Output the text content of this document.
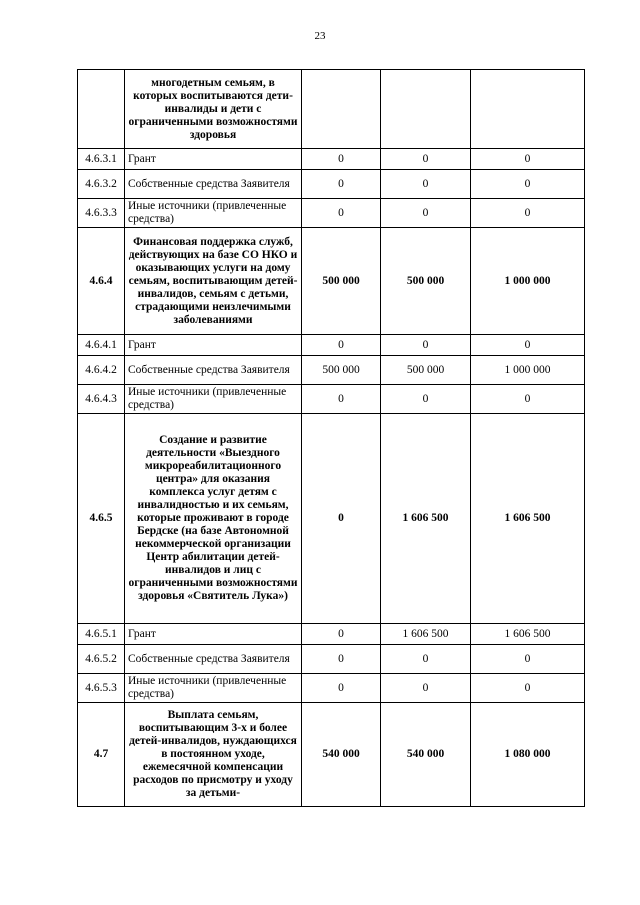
23
	многодетным семьям, в которых воспитываются дети-инвалиды и дети с ограниченными возможностями здоровья			
4.6.3.1	Грант	0	0	0
4.6.3.2	Собственные средства Заявителя	0	0	0
4.6.3.3	Иные источники (привлеченные средства)	0	0	0
4.6.4	Финансовая поддержка служб, действующих на базе СО НКО и оказывающих услуги на дому семьям, воспитывающим детей-инвалидов, семьям с детьми, страдающими неизлечимыми заболеваниями	500 000	500 000	1 000 000
4.6.4.1	Грант	0	0	0
4.6.4.2	Собственные средства Заявителя	500 000	500 000	1 000 000
4.6.4.3	Иные источники (привлеченные средства)	0	0	0
4.6.5	Создание и развитие деятельности «Выездного микрореабилитационного центра» для оказания комплекса услуг детям с инвалидностью и их семьям, которые проживают в городе Бердске (на базе Автономной некоммерческой организации Центр абилитации детей-инвалидов и лиц с ограниченными возможностями здоровья «Святитель Лука»)	0	1 606 500	1 606 500
4.6.5.1	Грант	0	1 606 500	1 606 500
4.6.5.2	Собственные средства Заявителя	0	0	0
4.6.5.3	Иные источники (привлеченные средства)	0	0	0
4.7	Выплата семьям, воспитывающим 3-х и более детей-инвалидов, нуждающихся в постоянном уходе, ежемесячной компенсации расходов по присмотру и уходу за детьми-	540 000	540 000	1 080 000
